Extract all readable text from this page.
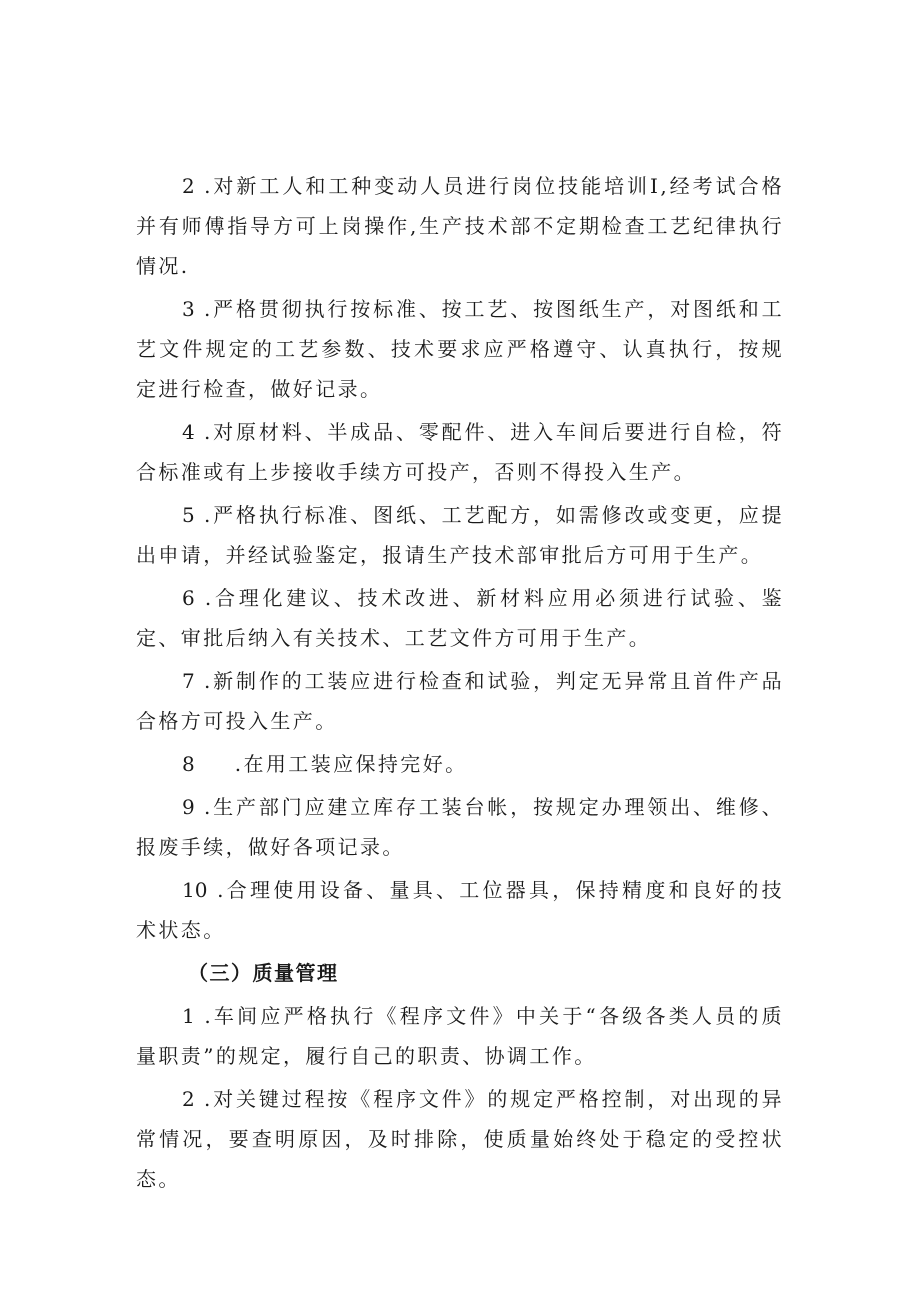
2 .对新工人和工种变动人员进行岗位技能培训I,经考试合格并有师傅指导方可上岗操作,生产技术部不定期检查工艺纪律执行情况.

3 .严格贯彻执行按标准、按工艺、按图纸生产，对图纸和工艺文件规定的工艺参数、技术要求应严格遵守、认真执行，按规定进行检查，做好记录。

4 .对原材料、半成品、零配件、进入车间后要进行自检，符合标准或有上步接收手续方可投产，否则不得投入生产。

5 .严格执行标准、图纸、工艺配方，如需修改或变更，应提出申请，并经试验鉴定，报请生产技术部审批后方可用于生产。

6 .合理化建议、技术改进、新材料应用必须进行试验、鉴定、审批后纳入有关技术、工艺文件方可用于生产。

7 .新制作的工装应进行检查和试验，判定无异常且首件产品合格方可投入生产。

8 .在用工装应保持完好。

9 .生产部门应建立库存工装台帐，按规定办理领出、维修、报废手续，做好各项记录。

10 .合理使用设备、量具、工位器具，保持精度和良好的技术状态。

（三）质量管理

1 .车间应严格执行《程序文件》中关于“各级各类人员的质量职责”的规定，履行自己的职责、协调工作。

2 .对关键过程按《程序文件》的规定严格控制，对出现的异常情况，要查明原因，及时排除，使质量始终处于稳定的受控状态。
